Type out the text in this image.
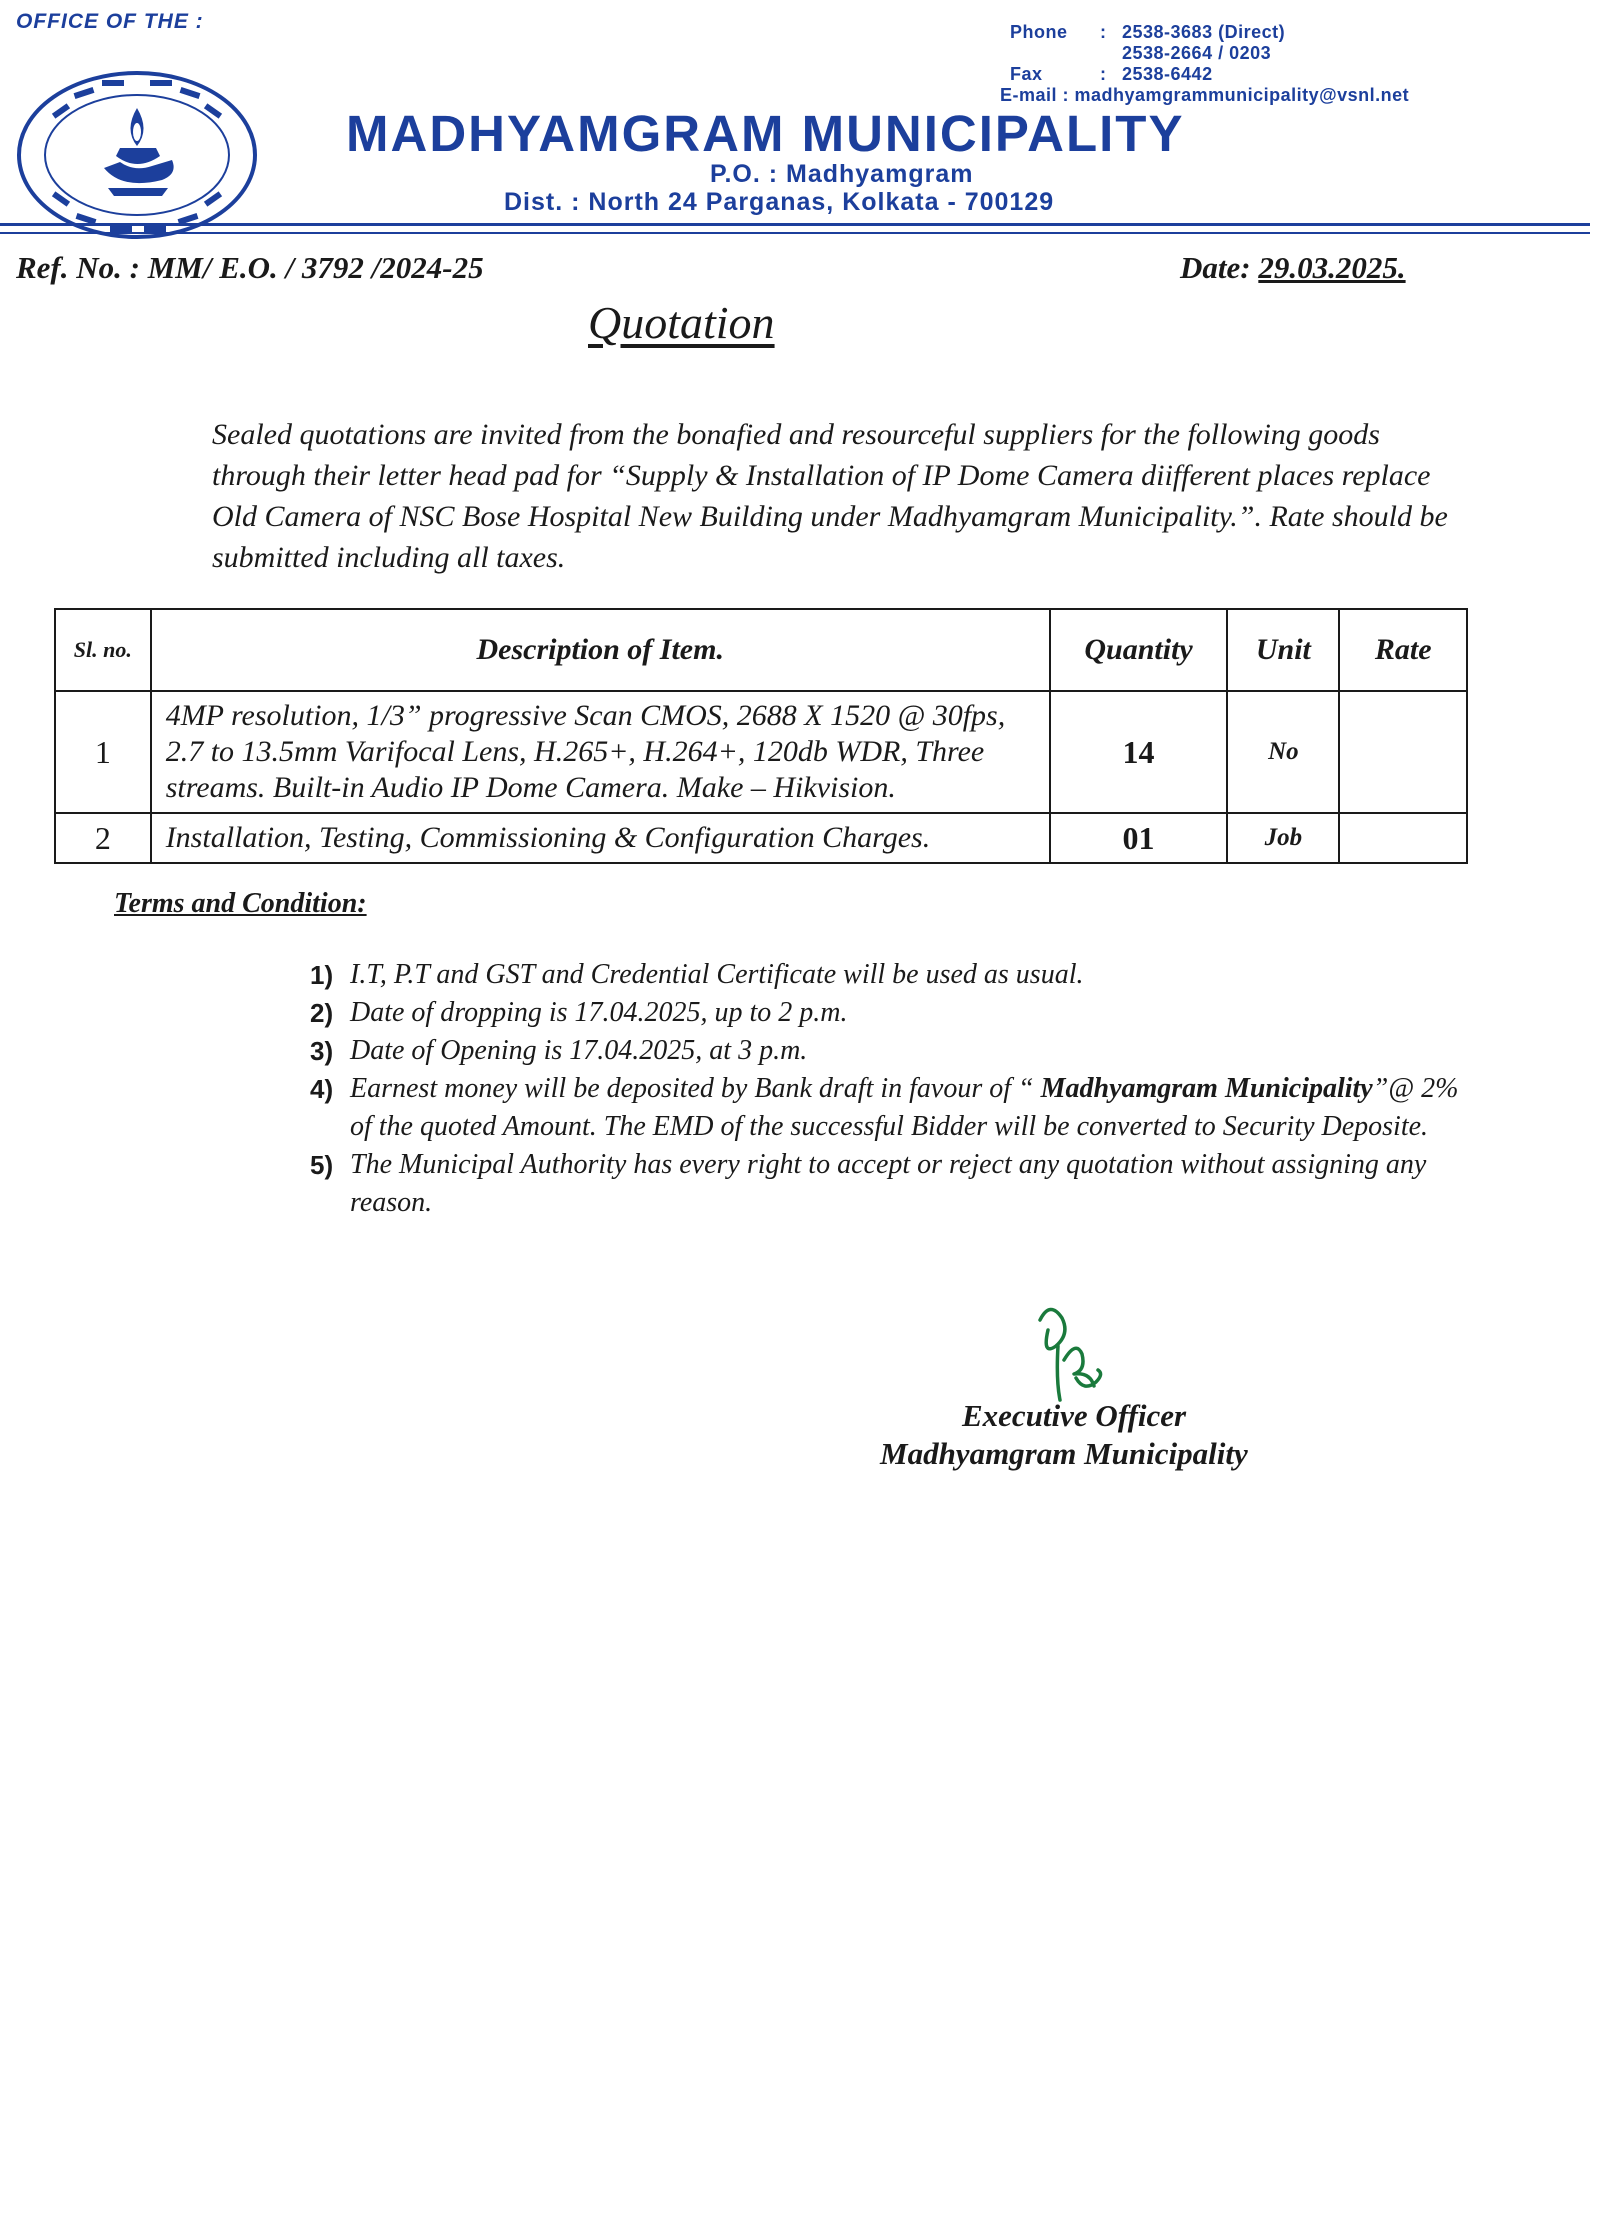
OFFICE OF THE :	Phone	: 2538-3683 (Direct)
2538-2664 / 0203
Fax	: 2538-6442
E-mail :
madhyamgrammunicipality@vsnl.net
MADHYAMGRAM MUNICIPALITY
P.O. : Madhyamgram
Dist. : North 24 Parganas, Kolkata - 700129
Ref. No. : MM/ E.O. / 3792 /2024-25	Date: 29.03.2025.
Quotation
Sealed quotations are invited from the bonafied and resourceful suppliers for the following goods through their letter head pad for “Supply & Installation of IP Dome Camera diifferent places replace Old Camera of NSC Bose Hospital New Building under Madhyamgram Municipality.”. Rate should be submitted including all taxes.
Sl. no.	Description of Item.	Quantity	Unit	Rate
1	4MP resolution, 1/3” progressive Scan CMOS, 2688 X 1520 @ 30fps, 2.7 to 13.5mm Varifocal Lens, H.265+, H.264+, 120db WDR, Three streams. Built-in Audio IP Dome Camera. Make – Hikvision.	14	No	
2	Installation, Testing, Commissioning & Configuration Charges.	01	Job	
Terms and Condition:
1) I.T, P.T and GST and Credential Certificate will be used as usual.
2) Date of dropping is 17.04.2025, up to 2 p.m.
3) Date of Opening is 17.04.2025, at 3 p.m.
4) Earnest money will be deposited by Bank draft in favour of “ Madhyamgram Municipality”@ 2% of the quoted Amount. The EMD of the successful Bidder will be converted to Security Deposite.
5) The Municipal Authority has every right to accept or reject any quotation without assigning any reason.
Executive Officer
Madhyamgram Municipality
